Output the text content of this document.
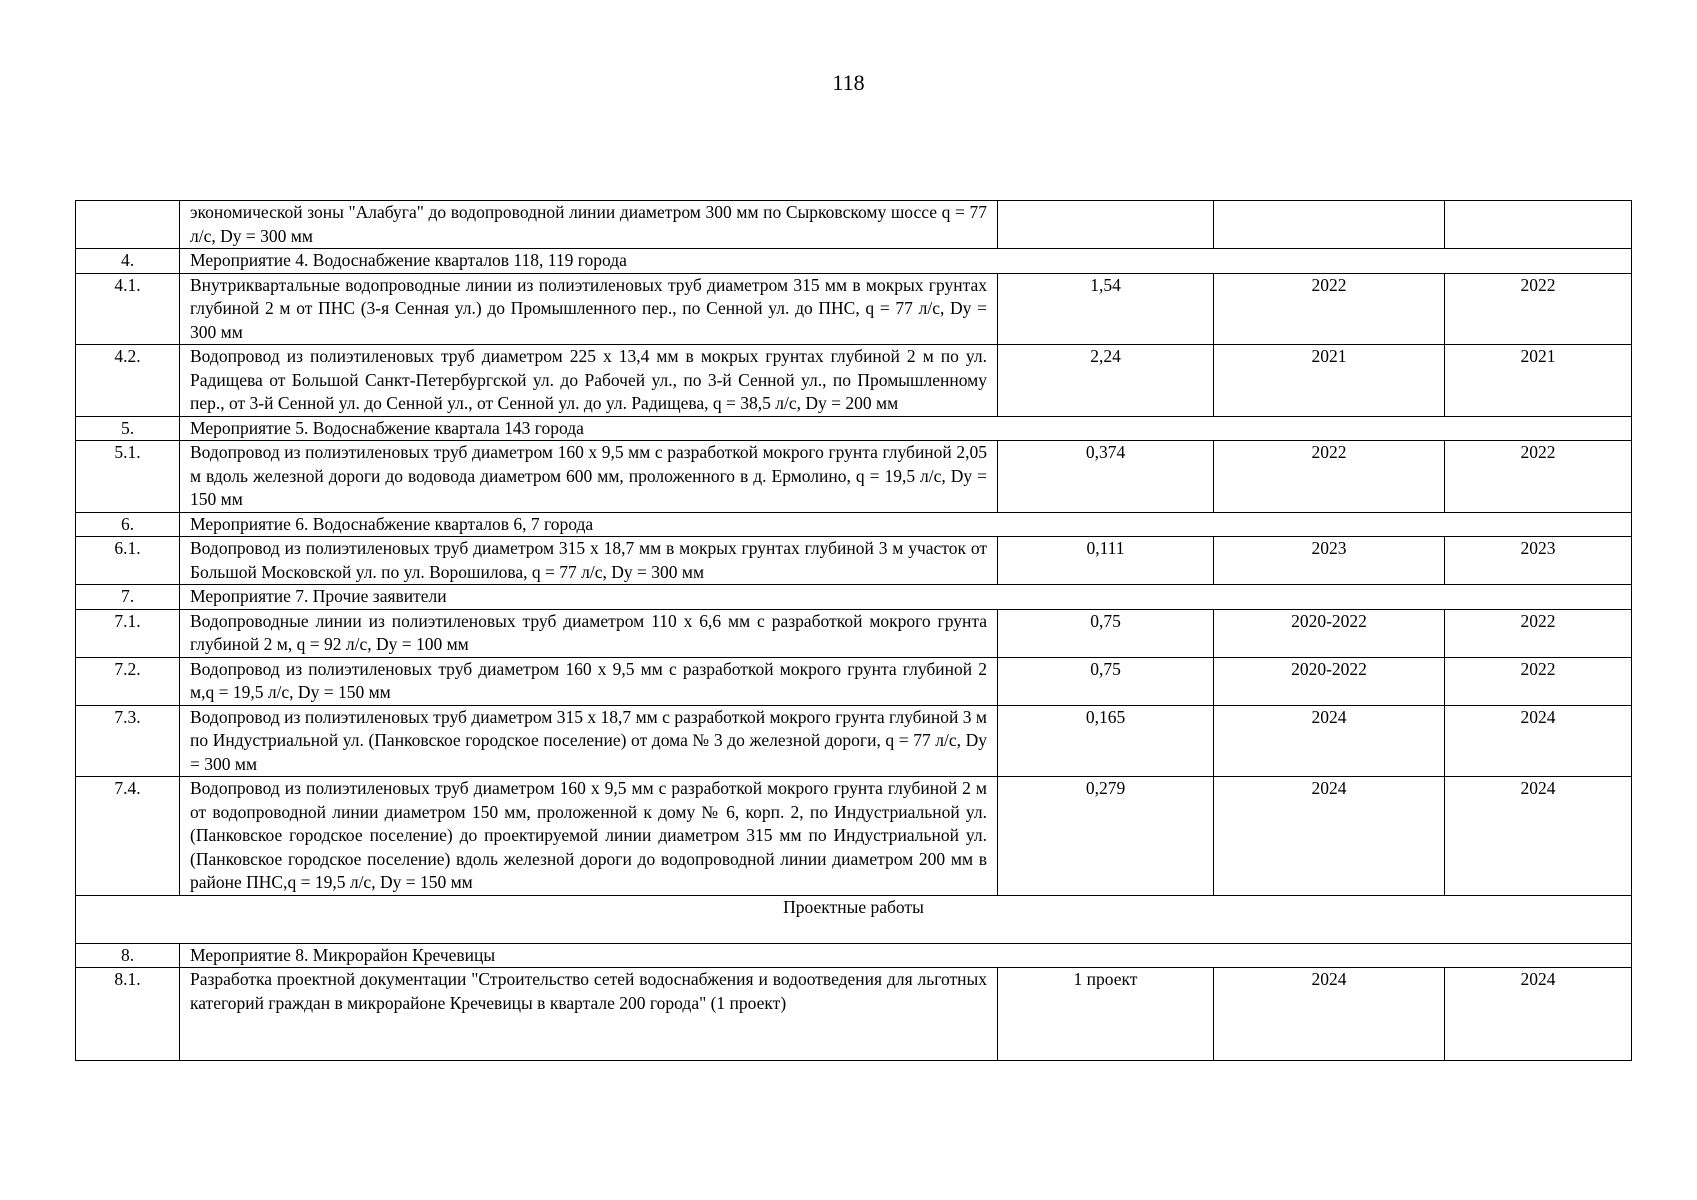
118
	экономической зоны "Алабуга" до водопроводной линии диаметром 300 мм по Сырковскому шоссе q = 77 л/с, Dy = 300 мм			
4.	Мероприятие 4. Водоснабжение кварталов 118, 119 города			
4.1.	Внутриквартальные водопроводные линии из полиэтиленовых труб диаметром 315 мм в мокрых грунтах глубиной 2 м от ПНС (3-я Сенная ул.) до Промышленного пер., по Сенной ул. до ПНС, q = 77 л/с, Dy = 300 мм	1,54	2022	2022
4.2.	Водопровод из полиэтиленовых труб диаметром 225 x 13,4 мм в мокрых грунтах глубиной 2 м по ул. Радищева от Большой Санкт-Петербургской ул. до Рабочей ул., по 3-й Сенной ул., по Промышленному пер., от 3-й Сенной ул. до Сенной ул., от Сенной ул. до ул. Радищева, q = 38,5 л/с, Dy = 200 мм	2,24	2021	2021
5.	Мероприятие 5. Водоснабжение квартала 143 города			
5.1.	Водопровод из полиэтиленовых труб диаметром 160 x 9,5 мм с разработкой мокрого грунта глубиной 2,05 м вдоль железной дороги до водовода диаметром 600 мм, проложенного в д. Ермолино, q = 19,5 л/с, Dy = 150 мм	0,374	2022	2022
6.	Мероприятие 6. Водоснабжение кварталов 6, 7 города			
6.1.	Водопровод из полиэтиленовых труб диаметром 315 x 18,7 мм в мокрых грунтах глубиной 3 м участок от Большой Московской ул. по ул. Ворошилова, q = 77 л/с, Dy = 300 мм	0,111	2023	2023
7.	Мероприятие 7. Прочие заявители			
7.1.	Водопроводные линии из полиэтиленовых труб диаметром 110 x 6,6 мм с разработкой мокрого грунта глубиной 2 м, q = 92 л/с, Dy = 100 мм	0,75	2020-2022	2022
7.2.	Водопровод из полиэтиленовых труб диаметром 160 x 9,5 мм с разработкой мокрого грунта глубиной 2 м,q = 19,5 л/с, Dy = 150 мм	0,75	2020-2022	2022
7.3.	Водопровод из полиэтиленовых труб диаметром 315 x 18,7 мм с разработкой мокрого грунта глубиной 3 м по Индустриальной ул. (Панковское городское поселение) от дома № 3 до железной дороги, q = 77 л/с, Dy = 300 мм	0,165	2024	2024
7.4.	Водопровод из полиэтиленовых труб диаметром 160 x 9,5 мм с разработкой мокрого грунта глубиной 2 м от водопроводной линии диаметром 150 мм, проложенной к дому № 6, корп. 2, по Индустриальной ул. (Панковское городское поселение) до проектируемой линии диаметром 315 мм по Индустриальной ул. (Панковское городское поселение) вдоль железной дороги до водопроводной линии диаметром 200 мм в районе ПНС,q = 19,5 л/с, Dy = 150 мм	0,279	2024	2024
Проектные работы				
8.	Мероприятие 8. Микрорайон Кречевицы			
8.1.	Разработка проектной документации "Строительство сетей водоснабжения и водоотведения для льготных категорий граждан в микрорайоне Кречевицы в квартале 200 города" (1 проект)	1 проект	2024	2024
